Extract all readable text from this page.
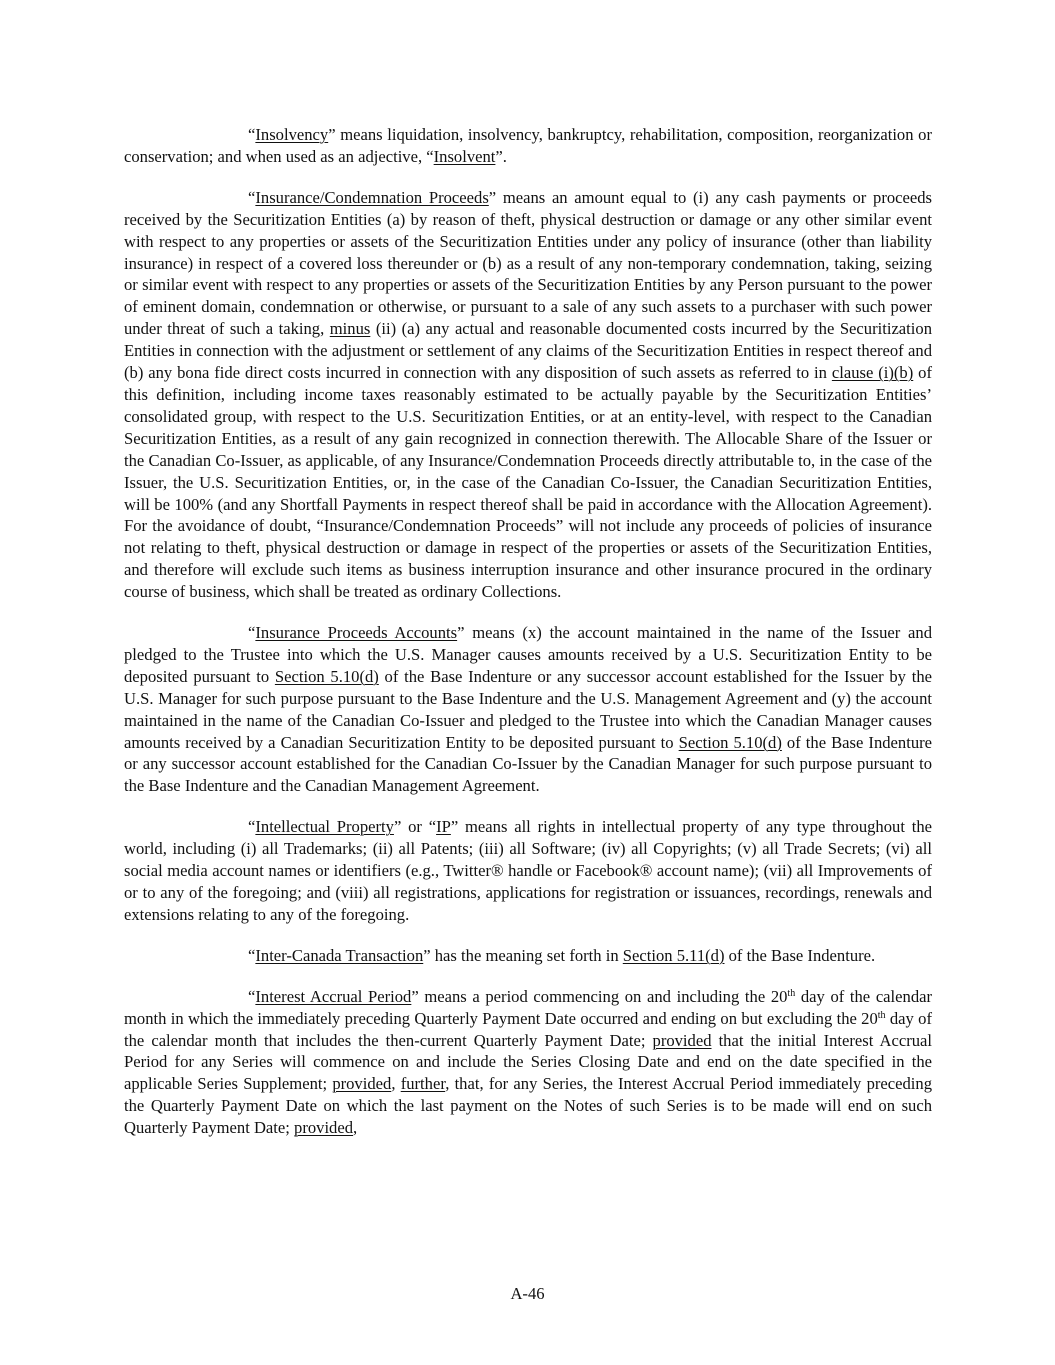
“Insolvency” means liquidation, insolvency, bankruptcy, rehabilitation, composition, reorganization or conservation; and when used as an adjective, “Insolvent”.

“Insurance/Condemnation Proceeds” means an amount equal to (i) any cash payments or proceeds received by the Securitization Entities (a) by reason of theft, physical destruction or damage or any other similar event with respect to any properties or assets of the Securitization Entities under any policy of insurance (other than liability insurance) in respect of a covered loss thereunder or (b) as a result of any non-temporary condemnation, taking, seizing or similar event with respect to any properties or assets of the Securitization Entities by any Person pursuant to the power of eminent domain, condemnation or otherwise, or pursuant to a sale of any such assets to a purchaser with such power under threat of such a taking, minus (ii) (a) any actual and reasonable documented costs incurred by the Securitization Entities in connection with the adjustment or settlement of any claims of the Securitization Entities in respect thereof and (b) any bona fide direct costs incurred in connection with any disposition of such assets as referred to in clause (i)(b) of this definition, including income taxes reasonably estimated to be actually payable by the Securitization Entities’ consolidated group, with respect to the U.S. Securitization Entities, or at an entity-level, with respect to the Canadian Securitization Entities, as a result of any gain recognized in connection therewith. The Allocable Share of the Issuer or the Canadian Co-Issuer, as applicable, of any Insurance/Condemnation Proceeds directly attributable to, in the case of the Issuer, the U.S. Securitization Entities, or, in the case of the Canadian Co-Issuer, the Canadian Securitization Entities, will be 100% (and any Shortfall Payments in respect thereof shall be paid in accordance with the Allocation Agreement). For the avoidance of doubt, “Insurance/Condemnation Proceeds” will not include any proceeds of policies of insurance not relating to theft, physical destruction or damage in respect of the properties or assets of the Securitization Entities, and therefore will exclude such items as business interruption insurance and other insurance procured in the ordinary course of business, which shall be treated as ordinary Collections.

“Insurance Proceeds Accounts” means (x) the account maintained in the name of the Issuer and pledged to the Trustee into which the U.S. Manager causes amounts received by a U.S. Securitization Entity to be deposited pursuant to Section 5.10(d) of the Base Indenture or any successor account established for the Issuer by the U.S. Manager for such purpose pursuant to the Base Indenture and the U.S. Management Agreement and (y) the account maintained in the name of the Canadian Co-Issuer and pledged to the Trustee into which the Canadian Manager causes amounts received by a Canadian Securitization Entity to be deposited pursuant to Section 5.10(d) of the Base Indenture or any successor account established for the Canadian Co-Issuer by the Canadian Manager for such purpose pursuant to the Base Indenture and the Canadian Management Agreement.

“Intellectual Property” or “IP” means all rights in intellectual property of any type throughout the world, including (i) all Trademarks; (ii) all Patents; (iii) all Software; (iv) all Copyrights; (v) all Trade Secrets; (vi) all social media account names or identifiers (e.g., Twitter® handle or Facebook® account name); (vii) all Improvements of or to any of the foregoing; and (viii) all registrations, applications for registration or issuances, recordings, renewals and extensions relating to any of the foregoing.

“Inter-Canada Transaction” has the meaning set forth in Section 5.11(d) of the Base Indenture.

“Interest Accrual Period” means a period commencing on and including the 20th day of the calendar month in which the immediately preceding Quarterly Payment Date occurred and ending on but excluding the 20th day of the calendar month that includes the then-current Quarterly Payment Date; provided that the initial Interest Accrual Period for any Series will commence on and include the Series Closing Date and end on the date specified in the applicable Series Supplement; provided, further, that, for any Series, the Interest Accrual Period immediately preceding the Quarterly Payment Date on which the last payment on the Notes of such Series is to be made will end on such Quarterly Payment Date; provided,

A-46
